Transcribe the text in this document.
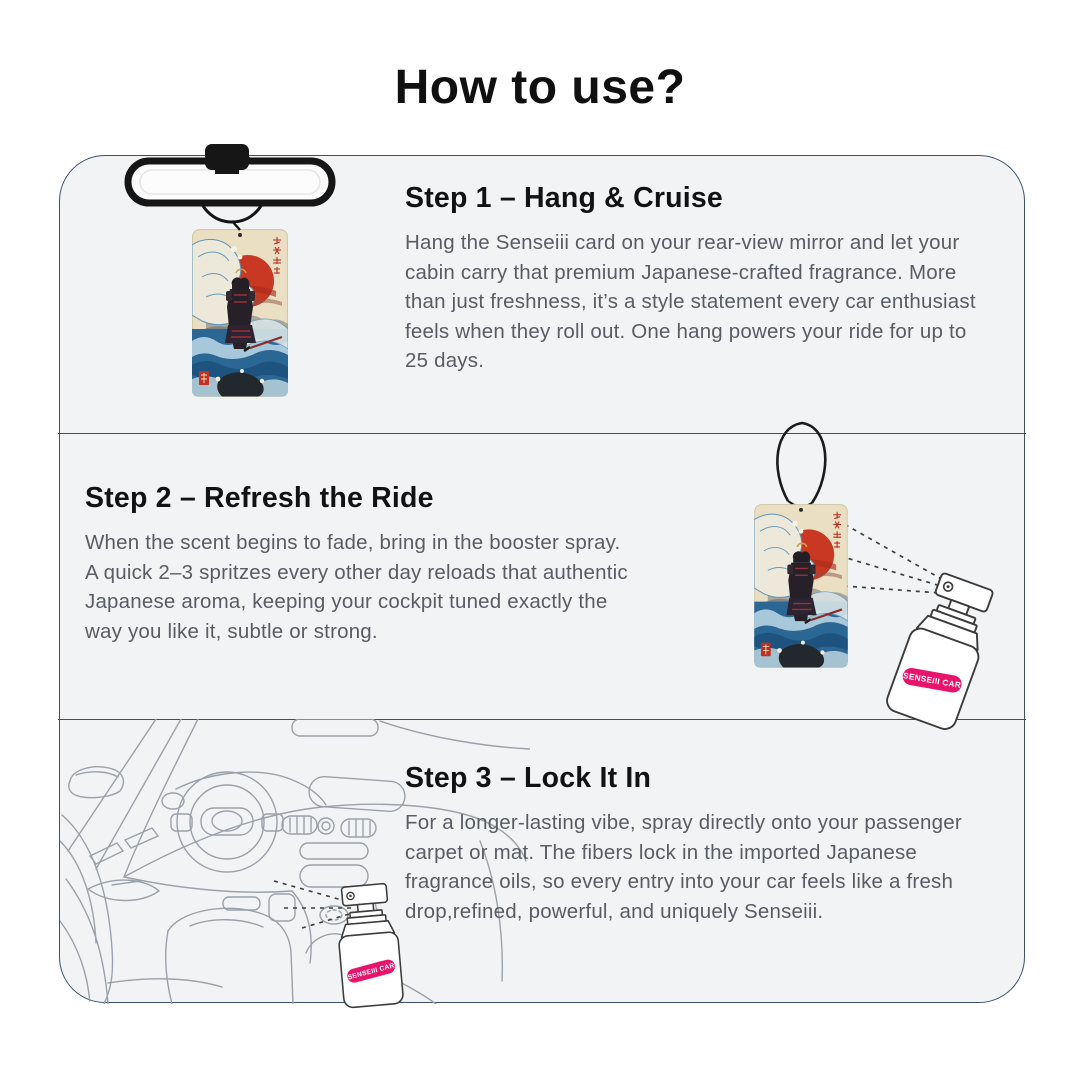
How to use?
Step 1 – Hang & Cruise

Hang the Senseiii card on your rear-view mirror and let your cabin carry that premium Japanese-crafted fragrance. More than just freshness, it’s a style statement every car enthusiast feels when they roll out. One hang powers your ride for up to 25 days.

Step 2 – Refresh the Ride

When the scent begins to fade, bring in the booster spray. A quick 2–3 spritzes every other day reloads that authentic Japanese aroma, keeping your cockpit tuned exactly the way you like it, subtle or strong.

Step 3 – Lock It In

For a longer-lasting vibe, spray directly onto your passenger carpet or mat. The fibers lock in the imported Japanese fragrance oils, so every entry into your car feels like a fresh drop,refined, powerful, and uniquely Senseiii.
